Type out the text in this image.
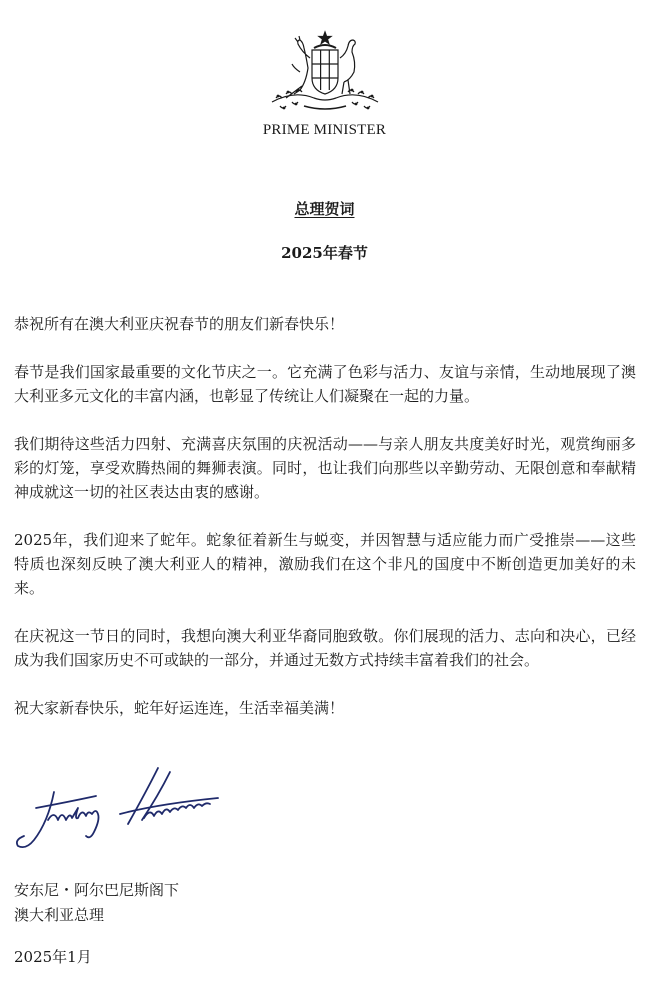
PRIME MINISTER
总理贺词
2025年春节

恭祝所有在澳大利亚庆祝春节的朋友们新春快乐！

春节是我们国家最重要的文化节庆之一。它充满了色彩与活力、友谊与亲情，生动地展现了澳大利亚多元文化的丰富内涵，也彰显了传统让人们凝聚在一起的力量。

我们期待这些活力四射、充满喜庆氛围的庆祝活动——与亲人朋友共度美好时光，观赏绚丽多彩的灯笼，享受欢腾热闹的舞狮表演。同时，也让我们向那些以辛勤劳动、无限创意和奉献精神成就这一切的社区表达由衷的感谢。

2025年，我们迎来了蛇年。蛇象征着新生与蜕变，并因智慧与适应能力而广受推崇——这些特质也深刻反映了澳大利亚人的精神，激励我们在这个非凡的国度中不断创造更加美好的未来。

在庆祝这一节日的同时，我想向澳大利亚华裔同胞致敬。你们展现的活力、志向和决心，已经成为我们国家历史不可或缺的一部分，并通过无数方式持续丰富着我们的社会。

祝大家新春快乐，蛇年好运连连，生活幸福美满！

安东尼・阿尔巴尼斯阁下
澳大利亚总理
2025年1月
